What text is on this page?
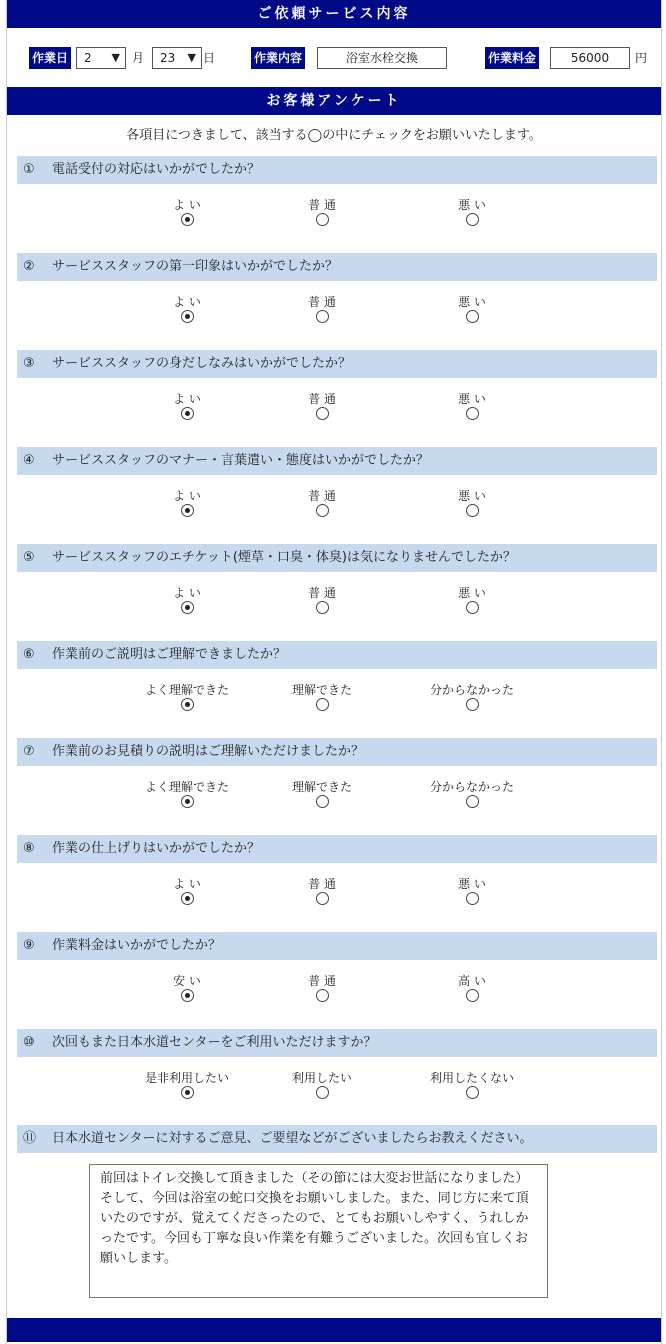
ご依頼サービス内容
作業日	2 ▼ 月	23 ▼ 日	作業内容	浴室水栓交換	作業料金	56000	円
お客様アンケート
各項目につきまして、該当する◯の中にチェックをお願いいたします。
① 電話受付の対応はいかがでしたか？
よ い	普 通	悪 い
② サービススタッフの第一印象はいかがでしたか？
よ い	普 通	悪 い
③ サービススタッフの身だしなみはいかがでしたか？
よ い	普 通	悪 い
④ サービススタッフのマナー・言葉遣い・態度はいかがでしたか？
よ い	普 通	悪 い
⑤ サービススタッフのエチケット(煙草・口臭・体臭)は気になりませんでしたか？
よ い	普 通	悪 い
⑥ 作業前のご説明はご理解できましたか？
よく理解できた	理解できた	分からなかった
⑦ 作業前のお見積りの説明はご理解いただけましたか？
よく理解できた	理解できた	分からなかった
⑧ 作業の仕上げりはいかがでしたか？
よ い	普 通	悪 い
⑨ 作業料金はいかがでしたか？
安 い	普 通	高 い
⑩ 次回もまた日本水道センターをご利用いただけますか？
是非利用したい	利用したい	利用したくない
⑪ 日本水道センターに対するご意見、ご要望などがございましたらお教えください。
前回はトイレ交換して頂きました（その節には大変お世話になりました）そして、今回は浴室の蛇口交換をお願いしました。また、同じ方に来て頂いたのですが、覚えてくださったので、とてもお願いしやすく、うれしかったです。今回も丁寧な良い作業を有難うございました。次回も宜しくお願いします。
